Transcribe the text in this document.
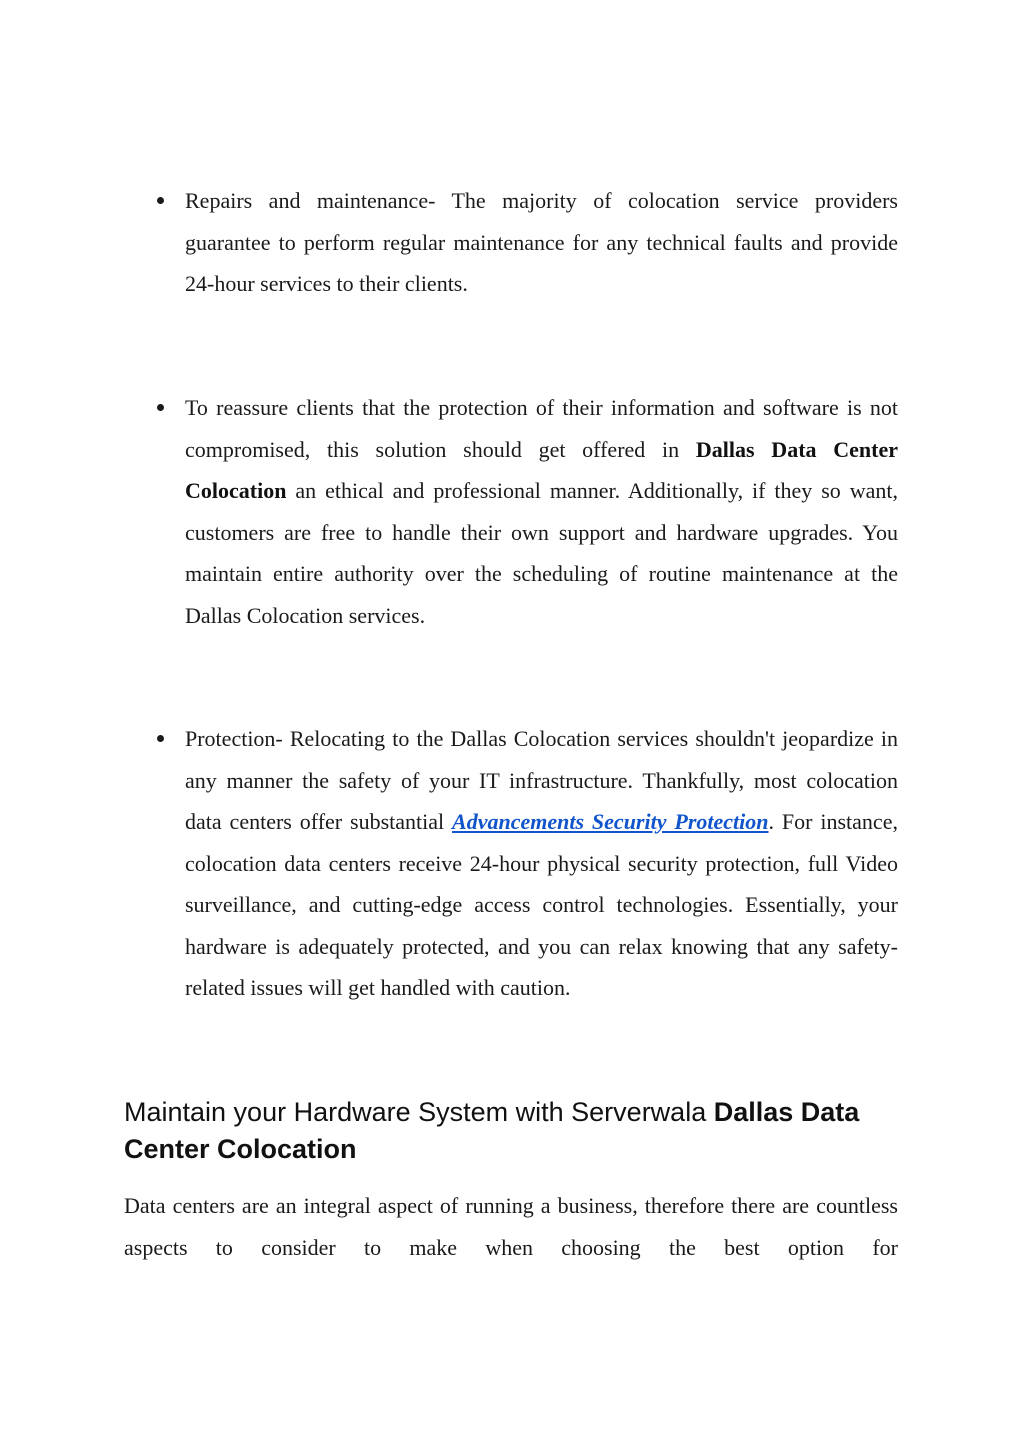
Repairs and maintenance- The majority of colocation service providers guarantee to perform regular maintenance for any technical faults and provide 24-hour services to their clients.
To reassure clients that the protection of their information and software is not compromised, this solution should get offered in Dallas Data Center Colocation an ethical and professional manner. Additionally, if they so want, customers are free to handle their own support and hardware upgrades. You maintain entire authority over the scheduling of routine maintenance at the Dallas Colocation services.
Protection- Relocating to the Dallas Colocation services shouldn't jeopardize in any manner the safety of your IT infrastructure. Thankfully, most colocation data centers offer substantial Advancements Security Protection. For instance, colocation data centers receive 24-hour physical security protection, full Video surveillance, and cutting-edge access control technologies. Essentially, your hardware is adequately protected, and you can relax knowing that any safety-related issues will get handled with caution.
Maintain your Hardware System with Serverwala Dallas Data Center Colocation

Data centers are an integral aspect of running a business, therefore there are countless aspects to consider to make when choosing the best option for
